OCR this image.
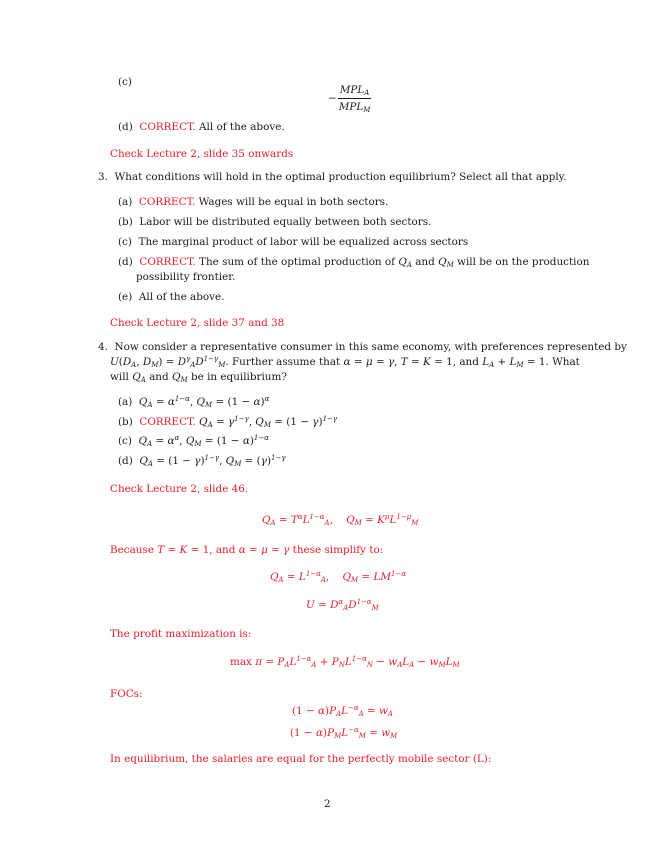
(c)
− $\frac{MPL_A}{MPL_M}$
(d) CORRECT. All of the above.
Check Lecture 2, slide 35 onwards
3. What conditions will hold in the optimal production equilibrium? Select all that apply.
(a) CORRECT. Wages will be equal in both sectors.
(b) Labor will be distributed equally between both sectors.
(c) The marginal product of labor will be equalized across sectors
(d) CORRECT. The sum of the optimal production of $Q_A$ and $Q_M$ will be on the production
possibility frontier.
(e) All of the above.
Check Lecture 2, slide 37 and 38
4. Now consider a representative consumer in this same economy, with preferences represented by
$U(D_A$, $D_M) = D^\gamma_AD^{1-\gamma}_M$. Further assume that α = μ = γ, T = K = 1, and $L_A + L_M = 1$. What
will $Q_A$ and $Q_M$ be in equilibrium?
(a) $Q_A = \alpha^{1-\alpha}$, $Q_M = (1 - \alpha)^\alpha$
(b) CORRECT. $Q_A = \gamma^{1-\gamma}$, $Q_M = (1 - \gamma)^{1-\gamma}$
(c) $Q_A = \alpha^\alpha$, $Q_M = (1 - \alpha)^{1-\alpha}$
(d) $Q_A = (1 - \gamma)^{1-\gamma}$, $Q_M = (\gamma)^{1-\gamma}$
Check Lecture 2, slide 46.
$Q_A = T^\alpha L^{1-\alpha}_A$,    $Q_M = K^\mu L^{1-\mu}_M$
Because T = K = 1, and α = μ = γ these simplify to:
$Q_A = L^{1-\alpha}_A$,    $Q_M = LM^{1-\alpha}$
$U = D^\alpha_AD^{1-\alpha}_M$
The profit maximization is:
$\max \pi = P_AL^{1-\alpha}_A + P_NL^{1-\alpha}_N - w_AL_A - w_ML_M$
FOCs:
$(1 - \alpha)P_AL^{-\alpha}_A = w_A$
$(1 - \alpha)P_ML^{-\alpha}_M = w_M$
In equilibrium, the salaries are equal for the perfectly mobile sector (L):
2
